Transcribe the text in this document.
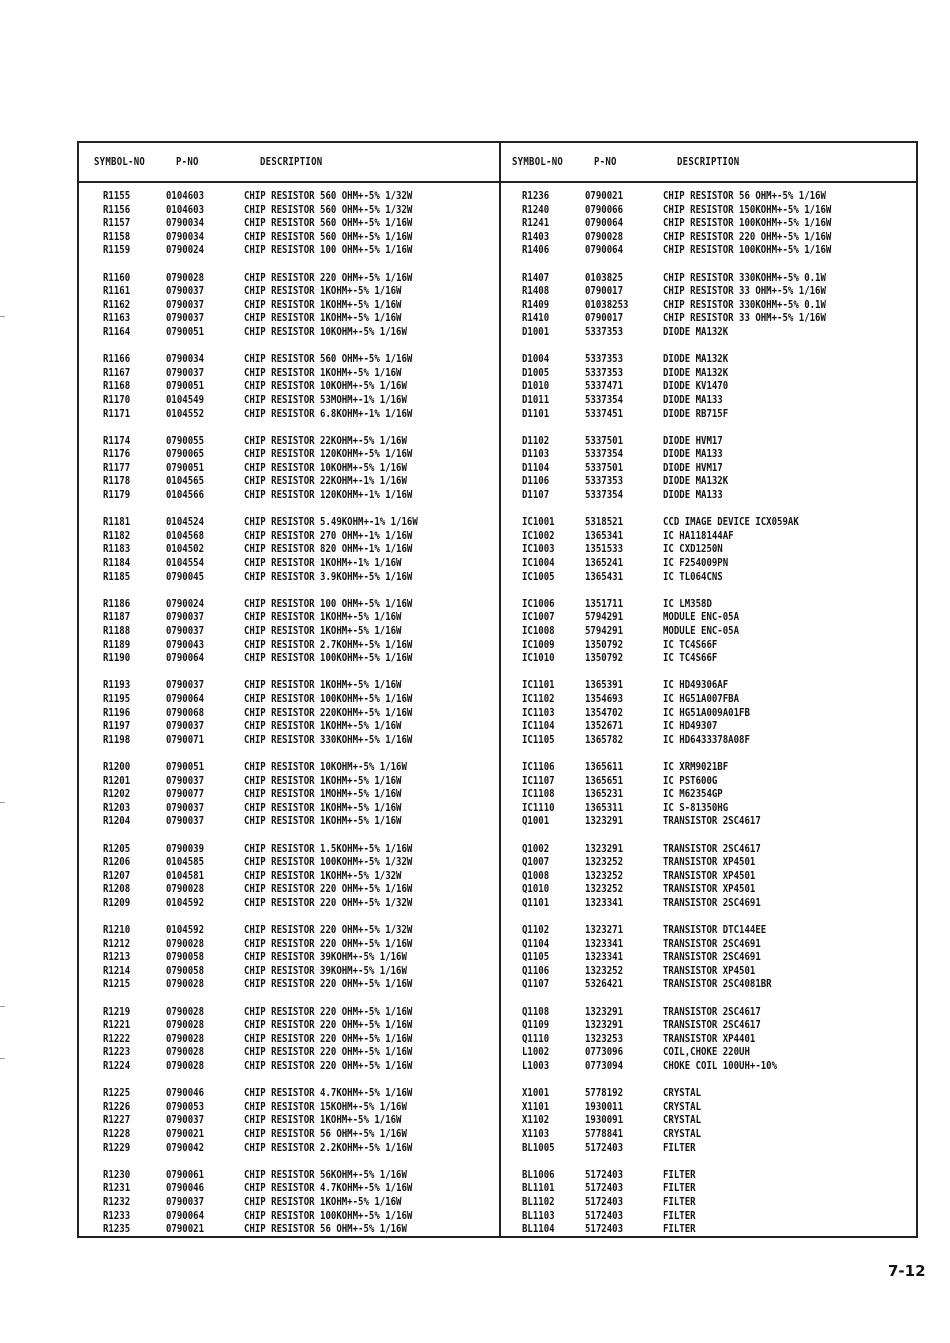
SYMBOL-NO	P-NO	DESCRIPTION	SYMBOL-NO	P-NO	DESCRIPTION
R1155	0104603	CHIP RESISTOR 560 OHM+-5% 1/32W
R1156	0104603	CHIP RESISTOR 560 OHM+-5% 1/32W
R1157	0790034	CHIP RESISTOR 560 OHM+-5% 1/16W
R1158	0790034	CHIP RESISTOR 560 OHM+-5% 1/16W
R1159	0790024	CHIP RESISTOR 100 OHM+-5% 1/16W
R1160	0790028	CHIP RESISTOR 220 OHM+-5% 1/16W
R1161	0790037	CHIP RESISTOR 1KOHM+-5% 1/16W
R1162	0790037	CHIP RESISTOR 1KOHM+-5% 1/16W
R1163	0790037	CHIP RESISTOR 1KOHM+-5% 1/16W
R1164	0790051	CHIP RESISTOR 10KOHM+-5% 1/16W
R1166	0790034	CHIP RESISTOR 560 OHM+-5% 1/16W
R1167	0790037	CHIP RESISTOR 1KOHM+-5% 1/16W
R1168	0790051	CHIP RESISTOR 10KOHM+-5% 1/16W
R1170	0104549	CHIP RESISTOR 53MOHM+-1% 1/16W
R1171	0104552	CHIP RESISTOR 6.8KOHM+-1% 1/16W
R1174	0790055	CHIP RESISTOR 22KOHM+-5% 1/16W
R1176	0790065	CHIP RESISTOR 120KOHM+-5% 1/16W
R1177	0790051	CHIP RESISTOR 10KOHM+-5% 1/16W
R1178	0104565	CHIP RESISTOR 22KOHM+-1% 1/16W
R1179	0104566	CHIP RESISTOR 120KOHM+-1% 1/16W
R1181	0104524	CHIP RESISTOR 5.49KOHM+-1% 1/16W
R1182	0104568	CHIP RESISTOR 270 OHM+-1% 1/16W
R1183	0104502	CHIP RESISTOR 820 OHM+-1% 1/16W
R1184	0104554	CHIP RESISTOR 1KOHM+-1% 1/16W
R1185	0790045	CHIP RESISTOR 3.9KOHM+-5% 1/16W
R1186	0790024	CHIP RESISTOR 100 OHM+-5% 1/16W
R1187	0790037	CHIP RESISTOR 1KOHM+-5% 1/16W
R1188	0790037	CHIP RESISTOR 1KOHM+-5% 1/16W
R1189	0790043	CHIP RESISTOR 2.7KOHM+-5% 1/16W
R1190	0790064	CHIP RESISTOR 100KOHM+-5% 1/16W
R1193	0790037	CHIP RESISTOR 1KOHM+-5% 1/16W
R1195	0790064	CHIP RESISTOR 100KOHM+-5% 1/16W
R1196	0790068	CHIP RESISTOR 220KOHM+-5% 1/16W
R1197	0790037	CHIP RESISTOR 1KOHM+-5% 1/16W
R1198	0790071	CHIP RESISTOR 330KOHM+-5% 1/16W
R1200	0790051	CHIP RESISTOR 10KOHM+-5% 1/16W
R1201	0790037	CHIP RESISTOR 1KOHM+-5% 1/16W
R1202	0790077	CHIP RESISTOR 1MOHM+-5% 1/16W
R1203	0790037	CHIP RESISTOR 1KOHM+-5% 1/16W
R1204	0790037	CHIP RESISTOR 1KOHM+-5% 1/16W
R1205	0790039	CHIP RESISTOR 1.5KOHM+-5% 1/16W
R1206	0104585	CHIP RESISTOR 100KOHM+-5% 1/32W
R1207	0104581	CHIP RESISTOR 1KOHM+-5% 1/32W
R1208	0790028	CHIP RESISTOR 220 OHM+-5% 1/16W
R1209	0104592	CHIP RESISTOR 220 OHM+-5% 1/32W
R1210	0104592	CHIP RESISTOR 220 OHM+-5% 1/32W
R1212	0790028	CHIP RESISTOR 220 OHM+-5% 1/16W
R1213	0790058	CHIP RESISTOR 39KOHM+-5% 1/16W
R1214	0790058	CHIP RESISTOR 39KOHM+-5% 1/16W
R1215	0790028	CHIP RESISTOR 220 OHM+-5% 1/16W
R1219	0790028	CHIP RESISTOR 220 OHM+-5% 1/16W
R1221	0790028	CHIP RESISTOR 220 OHM+-5% 1/16W
R1222	0790028	CHIP RESISTOR 220 OHM+-5% 1/16W
R1223	0790028	CHIP RESISTOR 220 OHM+-5% 1/16W
R1224	0790028	CHIP RESISTOR 220 OHM+-5% 1/16W
R1225	0790046	CHIP RESISTOR 4.7KOHM+-5% 1/16W
R1226	0790053	CHIP RESISTOR 15KOHM+-5% 1/16W
R1227	0790037	CHIP RESISTOR 1KOHM+-5% 1/16W
R1228	0790021	CHIP RESISTOR 56 OHM+-5% 1/16W
R1229	0790042	CHIP RESISTOR 2.2KOHM+-5% 1/16W
R1230	0790061	CHIP RESISTOR 56KOHM+-5% 1/16W
R1231	0790046	CHIP RESISTOR 4.7KOHM+-5% 1/16W
R1232	0790037	CHIP RESISTOR 1KOHM+-5% 1/16W
R1233	0790064	CHIP RESISTOR 100KOHM+-5% 1/16W
R1235	0790021	CHIP RESISTOR 56 OHM+-5% 1/16W
R1236	0790021	CHIP RESISTOR 56 OHM+-5% 1/16W
R1240	0790066	CHIP RESISTOR 150KOHM+-5% 1/16W
R1241	0790064	CHIP RESISTOR 100KOHM+-5% 1/16W
R1403	0790028	CHIP RESISTOR 220 OHM+-5% 1/16W
R1406	0790064	CHIP RESISTOR 100KOHM+-5% 1/16W
R1407	0103825	CHIP RESISTOR 330KOHM+-5% 0.1W
R1408	0790017	CHIP RESISTOR 33 OHM+-5% 1/16W
R1409	01038253	CHIP RESISTOR 330KOHM+-5% 0.1W
R1410	0790017	CHIP RESISTOR 33 OHM+-5% 1/16W
D1001	5337353	DIODE MA132K
D1004	5337353	DIODE MA132K
D1005	5337353	DIODE MA132K
D1010	5337471	DIODE KV1470
D1011	5337354	DIODE MA133
D1101	5337451	DIODE RB715F
D1102	5337501	DIODE HVM17
D1103	5337354	DIODE MA133
D1104	5337501	DIODE HVM17
D1106	5337353	DIODE MA132K
D1107	5337354	DIODE MA133
IC1001	5318521	CCD IMAGE DEVICE ICX059AK
IC1002	1365341	IC HA118144AF
IC1003	1351533	IC CXD1250N
IC1004	1365241	IC F254009PN
IC1005	1365431	IC TL064CNS
IC1006	1351711	IC LM358D
IC1007	5794291	MODULE ENC-05A
IC1008	5794291	MODULE ENC-05A
IC1009	1350792	IC TC4S66F
IC1010	1350792	IC TC4S66F
IC1101	1365391	IC HD49306AF
IC1102	1354693	IC HG51A007FBA
IC1103	1354702	IC HG51A009A01FB
IC1104	1352671	IC HD49307
IC1105	1365782	IC HD6433378A08F
IC1106	1365611	IC XRM9021BF
IC1107	1365651	IC PST600G
IC1108	1365231	IC M62354GP
IC1110	1365311	IC S-81350HG
Q1001	1323291	TRANSISTOR 2SC4617
Q1002	1323291	TRANSISTOR 2SC4617
Q1007	1323252	TRANSISTOR XP4501
Q1008	1323252	TRANSISTOR XP4501
Q1010	1323252	TRANSISTOR XP4501
Q1101	1323341	TRANSISTOR 2SC4691
Q1102	1323271	TRANSISTOR DTC144EE
Q1104	1323341	TRANSISTOR 2SC4691
Q1105	1323341	TRANSISTOR 2SC4691
Q1106	1323252	TRANSISTOR XP4501
Q1107	5326421	TRANSISTOR 2SC4081BR
Q1108	1323291	TRANSISTOR 2SC4617
Q1109	1323291	TRANSISTOR 2SC4617
Q1110	1323253	TRANSISTOR XP4401
L1002	0773096	COIL,CHOKE 220UH
L1003	0773094	CHOKE COIL 100UH+-10%
X1001	5778192	CRYSTAL
X1101	1930011	CRYSTAL
X1102	1930091	CRYSTAL
X1103	5778841	CRYSTAL
BL1005	5172403	FILTER
BL1006	5172403	FILTER
BL1101	5172403	FILTER
BL1102	5172403	FILTER
BL1103	5172403	FILTER
BL1104	5172403	FILTER
7-12
